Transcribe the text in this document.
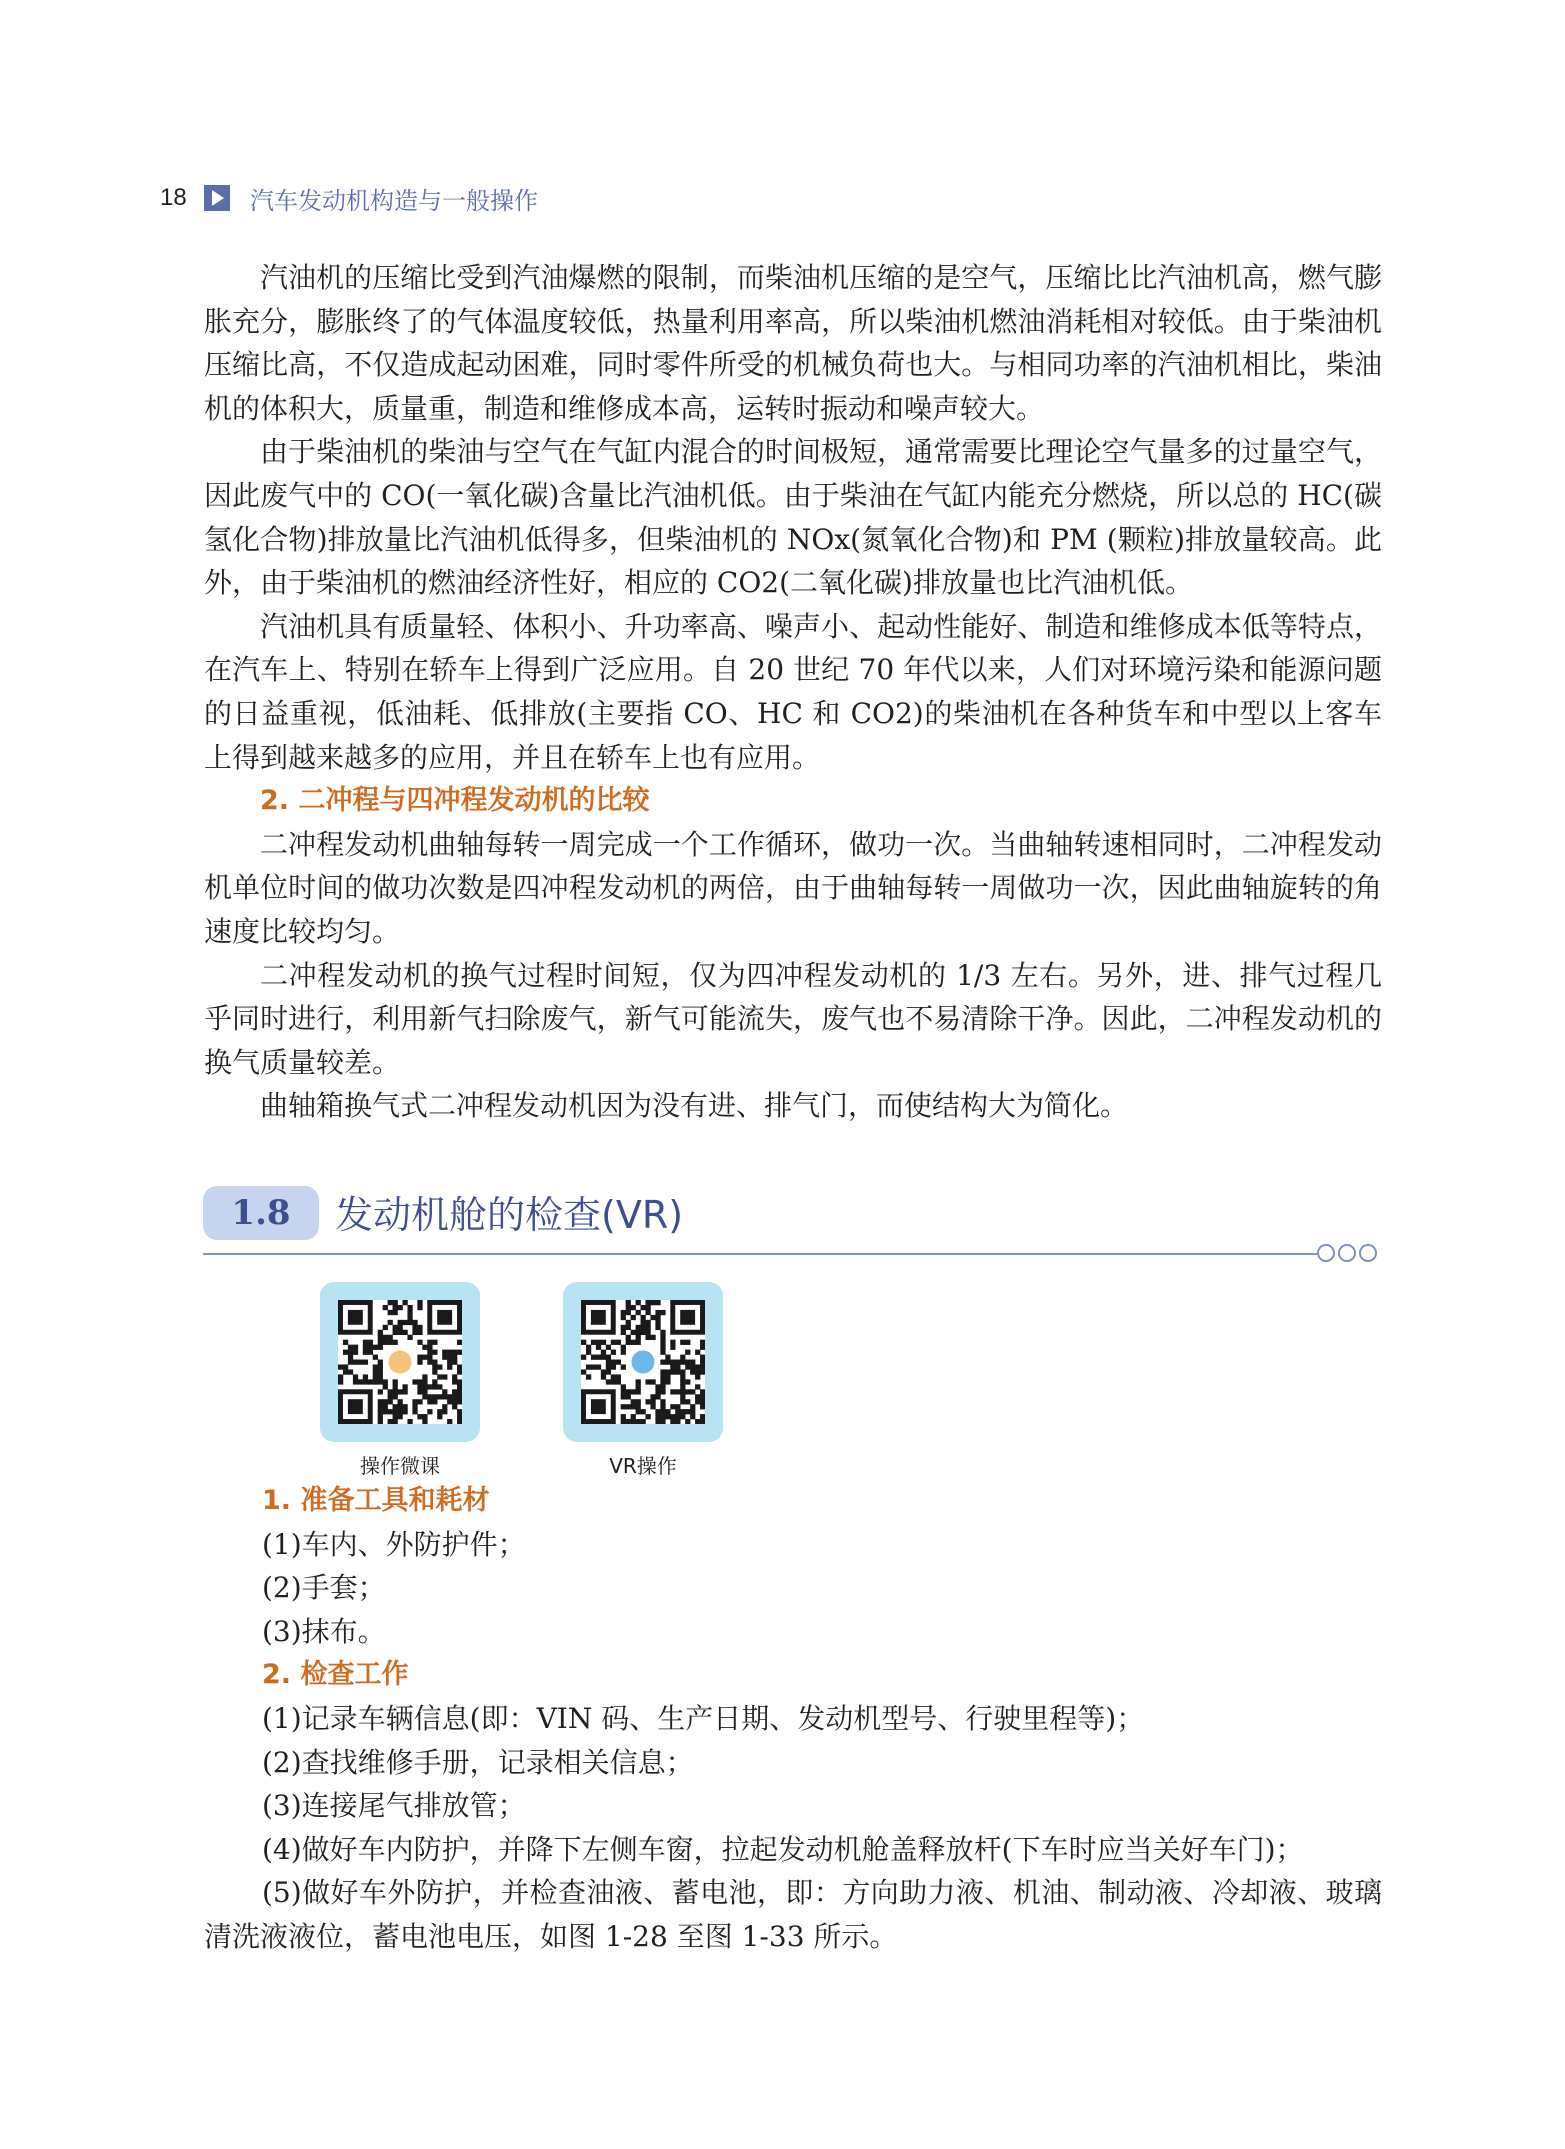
18	汽车发动机构造与一般操作

汽油机的压缩比受到汽油爆燃的限制，而柴油机压缩的是空气，压缩比比汽油机高，燃气膨胀充分，膨胀终了的气体温度较低，热量利用率高，所以柴油机燃油消耗相对较低。由于柴油机压缩比高，不仅造成起动困难，同时零件所受的机械负荷也大。与相同功率的汽油机相比，柴油机的体积大，质量重，制造和维修成本高，运转时振动和噪声较大。

由于柴油机的柴油与空气在气缸内混合的时间极短，通常需要比理论空气量多的过量空气，因此废气中的 CO(一氧化碳)含量比汽油机低。由于柴油在气缸内能充分燃烧，所以总的 HC(碳氢化合物)排放量比汽油机低得多，但柴油机的 NOx(氮氧化合物)和 PM (颗粒)排放量较高。此外，由于柴油机的燃油经济性好，相应的 CO2(二氧化碳)排放量也比汽油机低。

汽油机具有质量轻、体积小、升功率高、噪声小、起动性能好、制造和维修成本低等特点，在汽车上、特别在轿车上得到广泛应用。自 20 世纪 70 年代以来，人们对环境污染和能源问题的日益重视，低油耗、低排放(主要指 CO、HC 和 CO2)的柴油机在各种货车和中型以上客车上得到越来越多的应用，并且在轿车上也有应用。

2. 二冲程与四冲程发动机的比较

二冲程发动机曲轴每转一周完成一个工作循环，做功一次。当曲轴转速相同时，二冲程发动机单位时间的做功次数是四冲程发动机的两倍，由于曲轴每转一周做功一次，因此曲轴旋转的角速度比较均匀。

二冲程发动机的换气过程时间短，仅为四冲程发动机的 1/3 左右。另外，进、排气过程几乎同时进行，利用新气扫除废气，新气可能流失，废气也不易清除干净。因此，二冲程发动机的换气质量较差。

曲轴箱换气式二冲程发动机因为没有进、排气门，而使结构大为简化。

1.8	发动机舱的检查(VR)
操作微课	VR操作

1. 准备工具和耗材

(1)车内、外防护件；

(2)手套；

(3)抹布。

2. 检查工作

(1)记录车辆信息(即：VIN 码、生产日期、发动机型号、行驶里程等)；

(2)查找维修手册，记录相关信息；

(3)连接尾气排放管；

(4)做好车内防护，并降下左侧车窗，拉起发动机舱盖释放杆(下车时应当关好车门)；

(5)做好车外防护，并检查油液、蓄电池，即：方向助力液、机油、制动液、冷却液、玻璃清洗液液位，蓄电池电压，如图 1-28 至图 1-33 所示。
